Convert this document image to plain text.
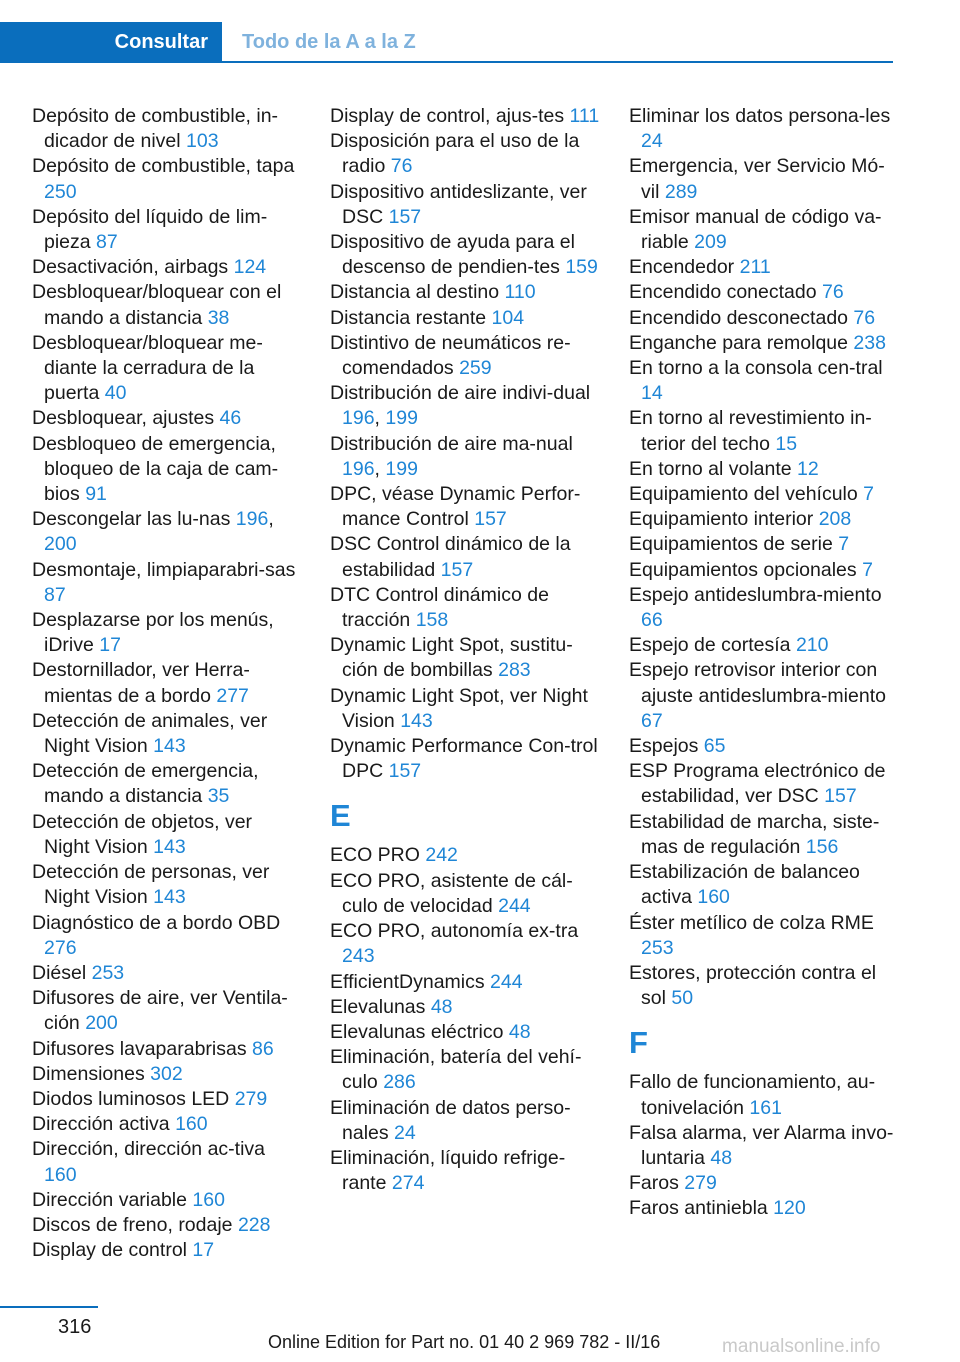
Consultar	Todo de la A a la Z

Depósito de combustible, in‐dicador de nivel 103

Depósito de combustible, tapa 250

Depósito del líquido de lim‐pieza 87

Desactivación, airbags 124

Desbloquear/bloquear con el mando a distancia 38

Desbloquear/bloquear me‐diante la cerradura de la puerta 40

Desbloquear, ajustes 46

Desbloqueo de emergencia, bloqueo de la caja de cam‐bios 91

Descongelar las lu‐nas 196, 200

Desmontaje, limpiaparabri‐sas 87

Desplazarse por los menús, iDrive 17

Destornillador, ver Herra‐mientas de a bordo 277

Detección de animales, ver Night Vision 143

Detección de emergencia, mando a distancia 35

Detección de objetos, ver Night Vision 143

Detección de personas, ver Night Vision 143

Diagnóstico de a bordo OBD 276

Diésel 253

Difusores de aire, ver Ventila‐ción 200

Difusores lavaparabrisas 86

Dimensiones 302

Diodos luminosos LED 279

Dirección activa 160

Dirección, dirección ac‐tiva 160

Dirección variable 160

Discos de freno, rodaje 228

Display de control 17

Display de control, ajus‐tes 111

Disposición para el uso de la radio 76

Dispositivo antideslizante, ver DSC 157

Dispositivo de ayuda para el descenso de pendien‐tes 159

Distancia al destino 110

Distancia restante 104

Distintivo de neumáticos re‐comendados 259

Distribución de aire indivi‐dual 196, 199

Distribución de aire ma‐nual 196, 199

DPC, véase Dynamic Perfor‐mance Control 157

DSC Control dinámico de la estabilidad 157

DTC Control dinámico de tracción 158

Dynamic Light Spot, sustitu‐ción de bombillas 283

Dynamic Light Spot, ver Night Vision 143

Dynamic Performance Con‐trol DPC 157

E

ECO PRO 242

ECO PRO, asistente de cál‐culo de velocidad 244

ECO PRO, autonomía ex‐tra 243

EfficientDynamics 244

Elevalunas 48

Elevalunas eléctrico 48

Eliminación, batería del vehí‐culo 286

Eliminación de datos perso‐nales 24

Eliminación, líquido refrige‐rante 274

Eliminar los datos persona‐les 24

Emergencia, ver Servicio Mó‐vil 289

Emisor manual de código va‐riable 209

Encendedor 211

Encendido conectado 76

Encendido desconectado 76

Enganche para remolque 238

En torno a la consola cen‐tral 14

En torno al revestimiento in‐terior del techo 15

En torno al volante 12

Equipamiento del vehículo 7

Equipamiento interior 208

Equipamientos de serie 7

Equipamientos opcionales 7

Espejo antideslumbra‐miento 66

Espejo de cortesía 210

Espejo retrovisor interior con ajuste antideslumbra‐miento 67

Espejos 65

ESP Programa electrónico de estabilidad, ver DSC 157

Estabilidad de marcha, siste‐mas de regulación 156

Estabilización de balanceo activa 160

Éster metílico de colza RME 253

Estores, protección contra el sol 50

F

Fallo de funcionamiento, au‐tonivelación 161

Falsa alarma, ver Alarma invo‐luntaria 48

Faros 279

Faros antiniebla 120

316
Online Edition for Part no. 01 40 2 969 782 - II/16	manualsonline.info
